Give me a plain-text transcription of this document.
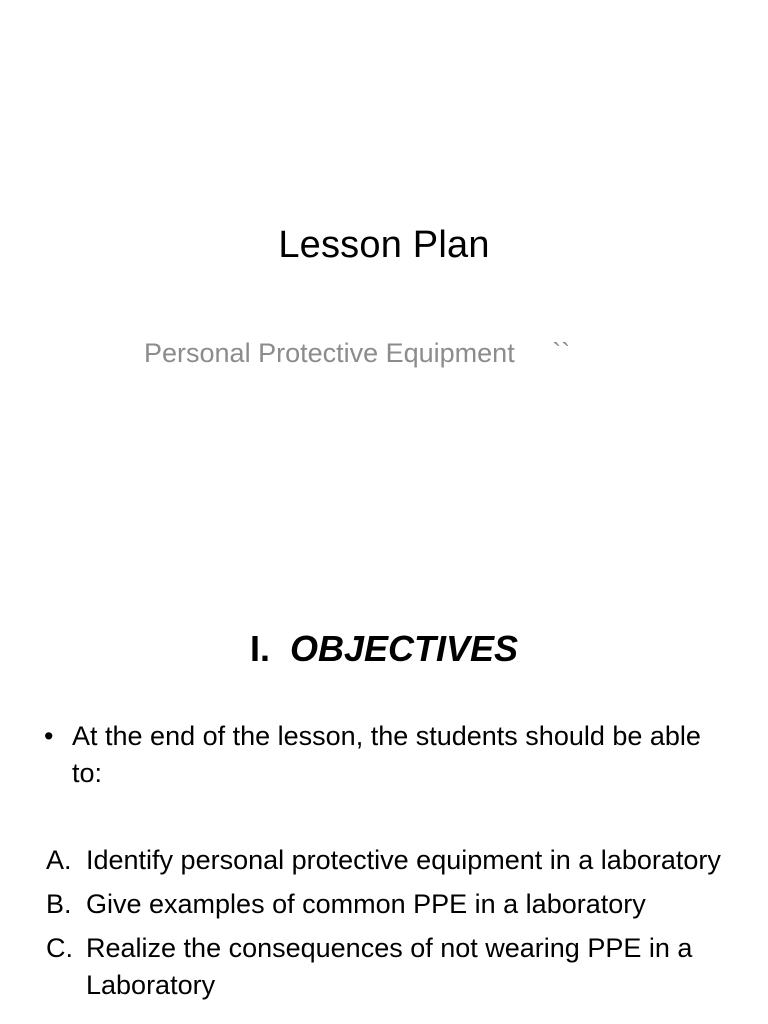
Lesson Plan
Personal Protective Equipment     ``
I. OBJECTIVES
• At the end of the lesson, the students should be able to:
A. Identify personal protective equipment in a laboratory
B. Give examples of common PPE in a laboratory
C. Realize the consequences of not wearing PPE in a Laboratory
